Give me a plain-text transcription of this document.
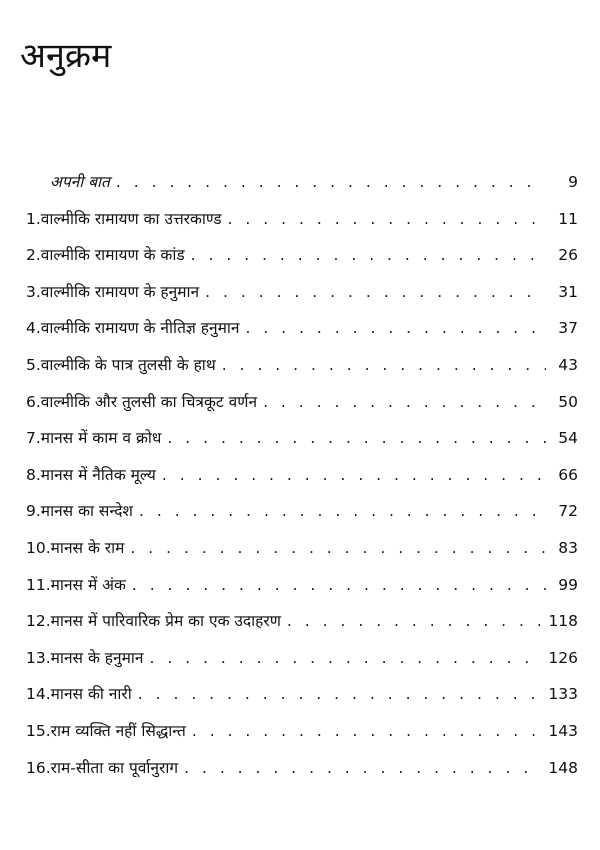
अनुक्रम
अपनी बात . . .	9
1. वाल्मीकि रामायण का उत्तरकाण्ड . . .	11
2. वाल्मीकि रामायण के कांड . . .	26
3. वाल्मीकि रामायण के हनुमान . . .	31
4. वाल्मीकि रामायण के नीतिज्ञ हनुमान . . .	37
5. वाल्मीकि के पात्र तुलसी के हाथ . . .	43
6. वाल्मीकि और तुलसी का चित्रकूट वर्णन . . .	50
7. मानस में काम व क्रोध . . .	54
8. मानस में नैतिक मूल्य . . .	66
9. मानस का सन्देश . . .	72
10. मानस के राम . . .	83
11. मानस में अंक . . .	99
12. मानस में पारिवारिक प्रेम का एक उदाहरण . . .	118
13. मानस के हनुमान . . .	126
14. मानस की नारी . . .	133
15. राम व्यक्ति नहीं सिद्धान्त . . .	143
16. राम-सीता का पूर्वानुराग . . .	148
